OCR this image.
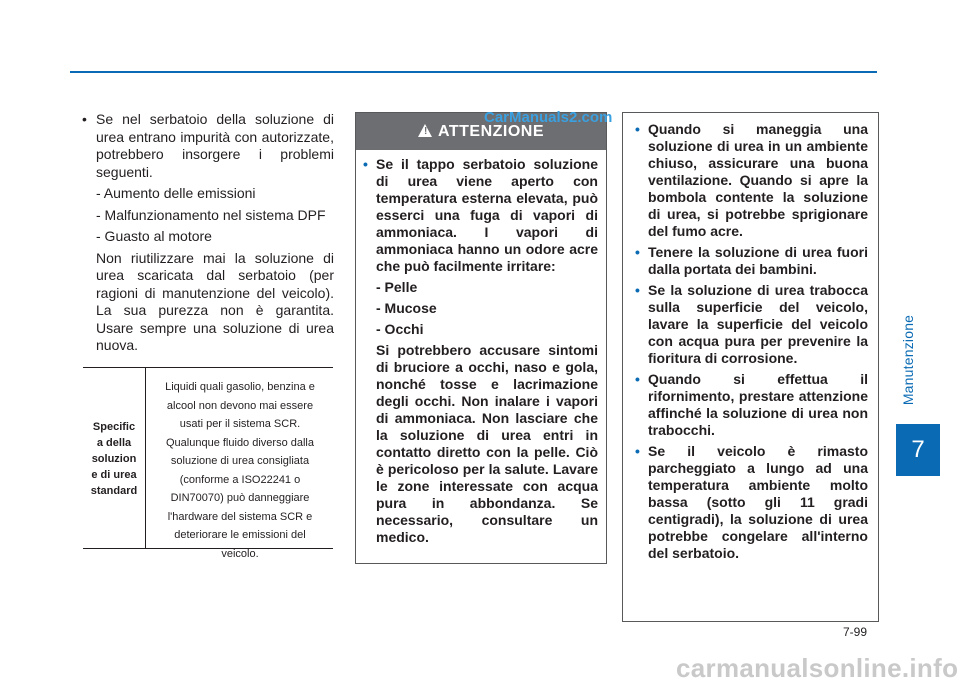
• Se nel serbatoio della soluzione di urea entrano impurità con autorizzate, potrebbero insorgere i problemi seguenti.
- Aumento delle emissioni
- Malfunzionamento nel sistema DPF
- Guasto al motore
Non riutilizzare mai la soluzione di urea scaricata dal serbatoio (per ragioni di manutenzione del veicolo). La sua purezza non è garantita. Usare sempre una soluzione di urea nuova.
Specific
a della
soluzion
e di urea
standard
Liquidi quali gasolio, benzina e
alcool non devono mai essere
usati per il sistema SCR.
Qualunque fluido diverso dalla
soluzione di urea consigliata
(conforme a ISO22241 o
DIN70070) può danneggiare
l'hardware del sistema SCR e
deteriorare le emissioni del
veicolo.
! ATTENZIONE
• Se il tappo serbatoio soluzione di urea viene aperto con temperatura esterna elevata, può esserci una fuga di vapori di ammoniaca. I vapori di ammoniaca hanno un odore acre che può facilmente irritare:
- Pelle
- Mucose
- Occhi
Si potrebbero accusare sintomi di bruciore a occhi, naso e gola, nonché tosse e lacrimazione degli occhi. Non inalare i vapori di ammoniaca. Non lasciare che la soluzione di urea entri in contatto diretto con la pelle. Ciò è pericoloso per la salute. Lavare le zone interessate con acqua pura in abbondanza. Se necessario, consultare un medico.
CarManuals2.com
• Quando si maneggia una soluzione di urea in un ambiente chiuso, assicurare una buona ventilazione. Quando si apre la bombola contente la soluzione di urea, si potrebbe sprigionare del fumo acre.
• Tenere la soluzione di urea fuori dalla portata dei bambini.
• Se la soluzione di urea trabocca sulla superficie del veicolo, lavare la superficie del veicolo con acqua pura per prevenire la fioritura di corrosione.
• Quando si effettua il rifornimento, prestare attenzione affinché la soluzione di urea non trabocchi.
• Se il veicolo è rimasto parcheggiato a lungo ad una temperatura ambiente molto bassa (sotto gli 11 gradi centigradi), la soluzione di urea potrebbe congelare all'interno del serbatoio.
Manutenzione
7
7-99
carmanualsonline.info
